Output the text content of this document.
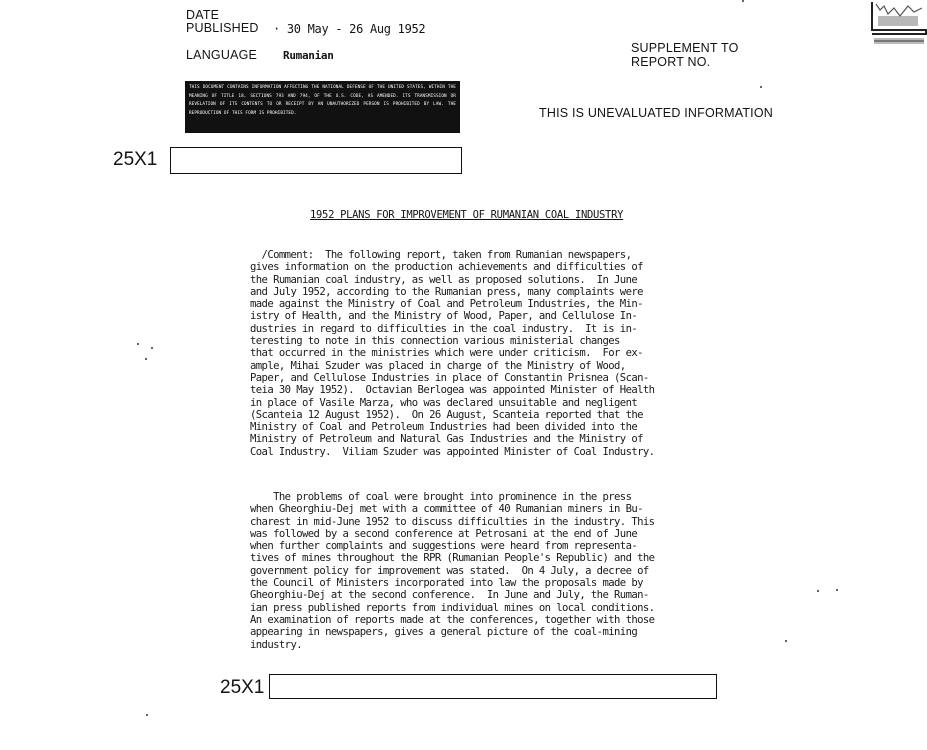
DATE
PUBLISHED · 30 May - 26 Aug 1952
LANGUAGE Rumanian
SUPPLEMENT TO
REPORT NO.
THIS IS UNEVALUATED INFORMATION
THIS DOCUMENT CONTAINS INFORMATION AFFECTING THE NATIONAL DEFENSE OF THE UNITED STATES, WITHIN THE MEANING OF TITLE 18, SECTIONS 793 AND 794, OF THE U.S. CODE, AS AMENDED. ITS TRANSMISSION OR REVELATION OF ITS CONTENTS TO OR RECEIPT BY AN UNAUTHORIZED PERSON IS PROHIBITED BY LAW. THE REPRODUCTION OF THIS FORM IS PROHIBITED.
25X1
1952 PLANS FOR IMPROVEMENT OF RUMANIAN COAL INDUSTRY
/Comment:  The following report, taken from Rumanian newspapers,
gives information on the production achievements and difficulties of
the Rumanian coal industry, as well as proposed solutions.  In June
and July 1952, according to the Rumanian press, many complaints were
made against the Ministry of Coal and Petroleum Industries, the Min-
istry of Health, and the Ministry of Wood, Paper, and Cellulose In-
dustries in regard to difficulties in the coal industry.  It is in-
teresting to note in this connection various ministerial changes
that occurred in the ministries which were under criticism.  For ex-
ample, Mihai Szuder was placed in charge of the Ministry of Wood,
Paper, and Cellulose Industries in place of Constantin Prisnea (Scan-
teia 30 May 1952).  Octavian Berlogea was appointed Minister of Health
in place of Vasile Marza, who was declared unsuitable and negligent
(Scanteia 12 August 1952).  On 26 August, Scanteia reported that the
Ministry of Coal and Petroleum Industries had been divided into the
Ministry of Petroleum and Natural Gas Industries and the Ministry of
Coal Industry.  Viliam Szuder was appointed Minister of Coal Industry.
The problems of coal were brought into prominence in the press
when Gheorghiu-Dej met with a committee of 40 Rumanian miners in Bu-
charest in mid-June 1952 to discuss difficulties in the industry. This
was followed by a second conference at Petrosani at the end of June
when further complaints and suggestions were heard from representa-
tives of mines throughout the RPR (Rumanian People's Republic) and the
government policy for improvement was stated.  On 4 July, a decree of
the Council of Ministers incorporated into law the proposals made by
Gheorghiu-Dej at the second conference.  In June and July, the Ruman-
ian press published reports from individual mines on local conditions.
An examination of reports made at the conferences, together with those
appearing in newspapers, gives a general picture of the coal-mining
industry.
25X1
